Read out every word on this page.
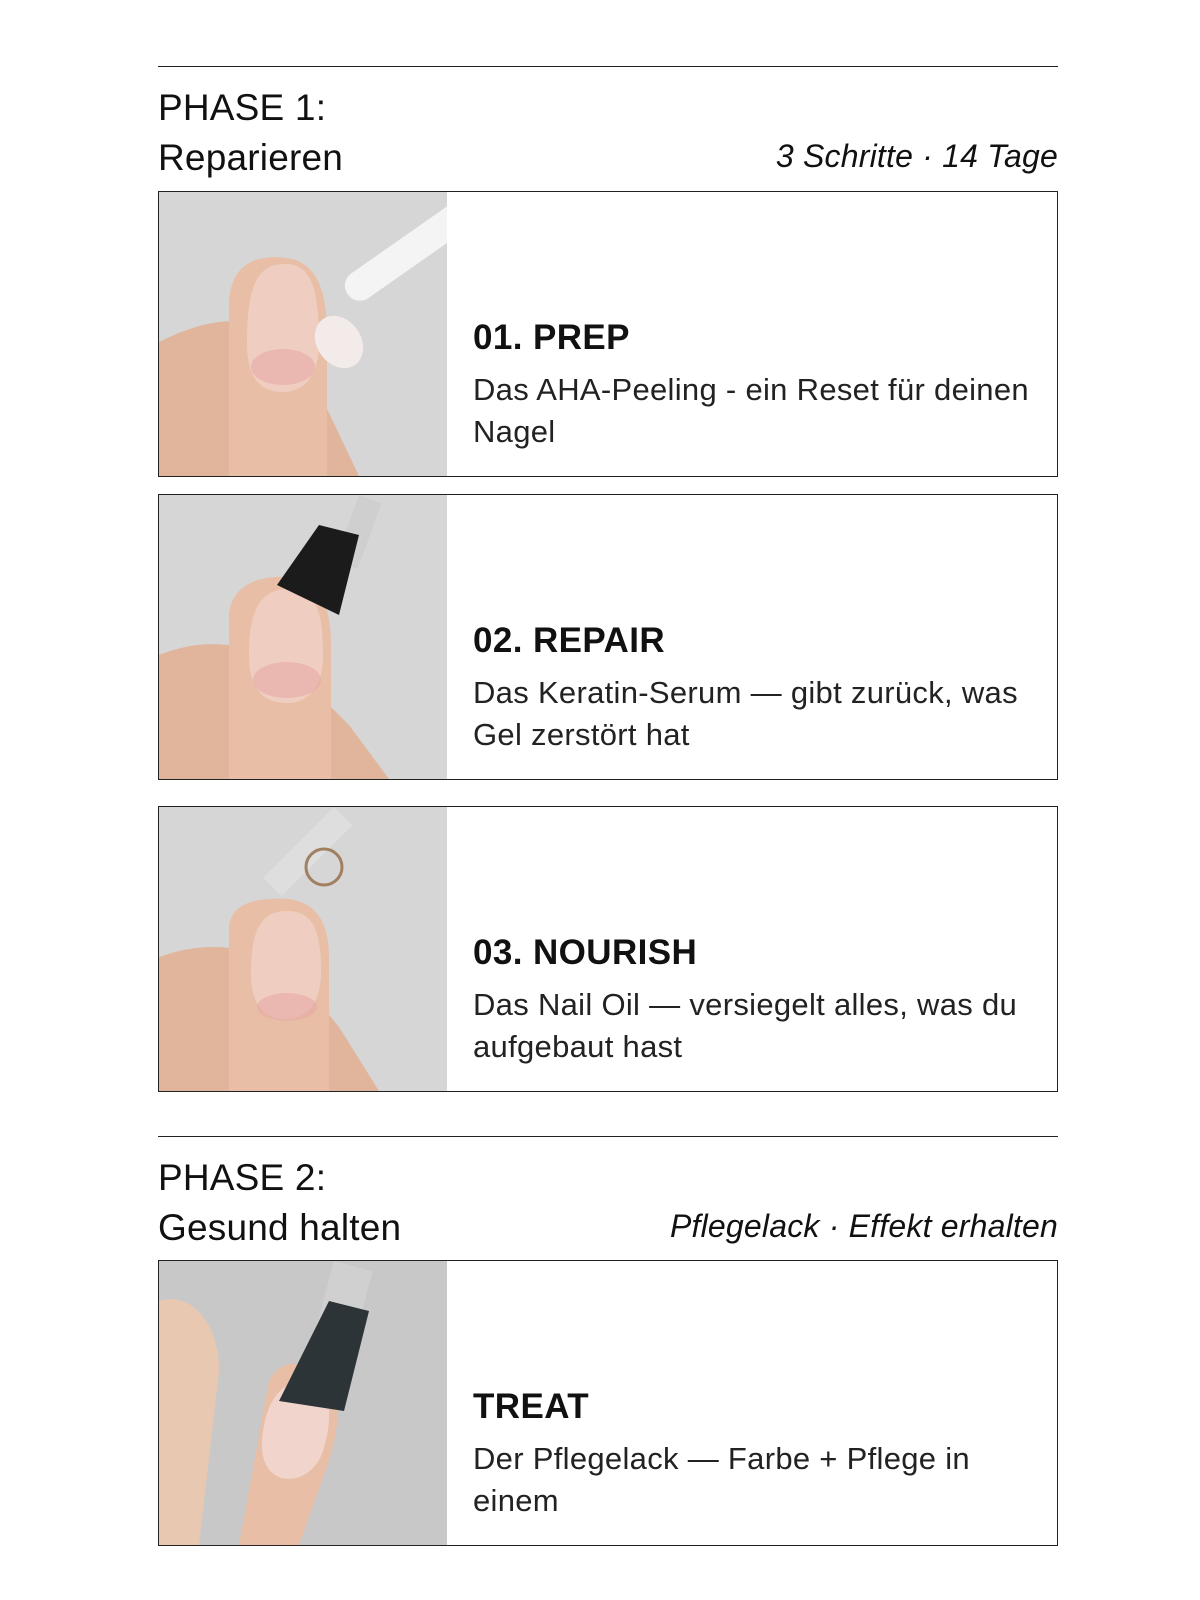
PHASE 1:
Reparieren	3 Schritte · 14 Tage
01. PREP
Das AHA-Peeling - ein Reset für deinen Nagel
02. REPAIR
Das Keratin-Serum — gibt zurück, was Gel zerstört hat
03. NOURISH
Das Nail Oil — versiegelt alles, was du aufgebaut hast
PHASE 2:
Gesund halten	Pflegelack · Effekt erhalten
TREAT
Der Pflegelack — Farbe + Pflege in einem
